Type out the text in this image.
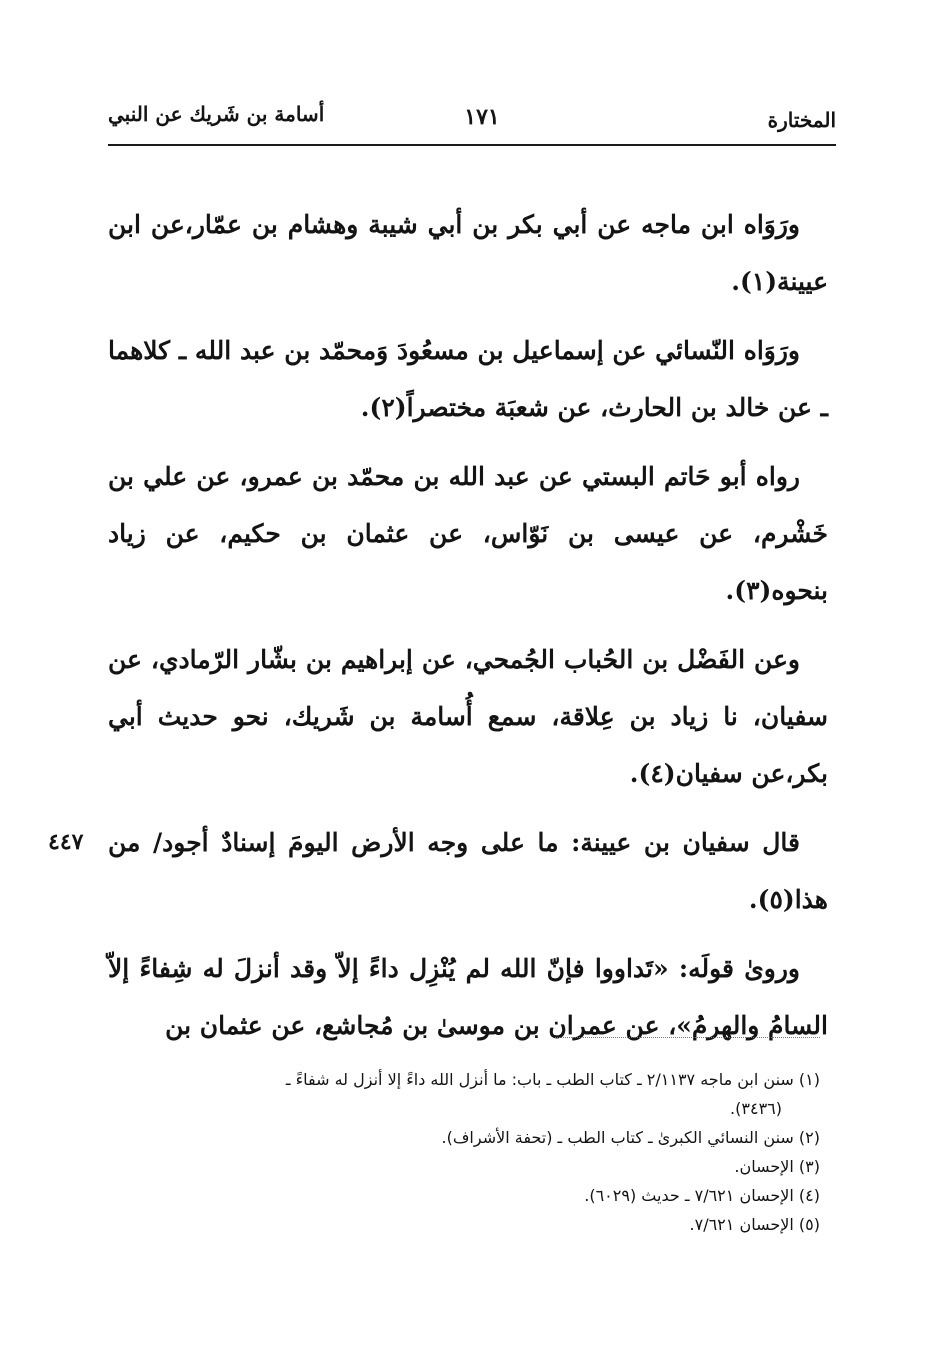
المختارة
١٧١
أسامة بن شَريك عن النبي

ورَوَاه ابن ماجه عن أبي بكر بن أبي شيبة وهشام بن عمّار،عن ابن عيينة(١).

ورَوَاه النّسائي عن إسماعيل بن مسعُودَ وَمحمّد بن عبد الله ـ كلاهما ـ عن خالد بن الحارث، عن شعبَة مختصراً(٢).

رواه أبو حَاتم البستي عن عبد الله بن محمّد بن عمرو، عن علي بن خَشْرم، عن عيسى بن نَوّاس، عن عثمان بن حكيم، عن زياد بنحوه(٣).

وعن الفَضْل بن الحُباب الجُمحي، عن إبراهيم بن بشّار الرّمادي، عن سفيان، نا زياد بن عِلاقة، سمع أُسامة بن شَريك، نحو حديث أبي بكر،عن سفيان(٤).

٤٤٧ قال سفيان بن عيينة: ما على وجه الأرض اليومَ إسنادٌ أجود/ من هذا(٥).

وروىٰ قولَه: «تَداووا فإنّ الله لم يُنْزِل داءً إلاّ وقد أنزلَ له شِفاءً إلاّ السامُ والهرمُ»، عن عمران بن موسىٰ بن مُجاشع، عن عثمان بن

(١) سنن ابن ماجه ٢/١١٣٧ ـ كتاب الطب ـ باب: ما أنزل الله داءً إلا أنزل له شفاءً ـ

(٣٤٣٦).

(٢) سنن النسائي الكبرىٰ ـ كتاب الطب ـ (تحفة الأشراف).

(٣) الإحسان.

(٤) الإحسان ٧/٦٢١ ـ حديث (٦٠٢٩).

(٥) الإحسان ٧/٦٢١.
